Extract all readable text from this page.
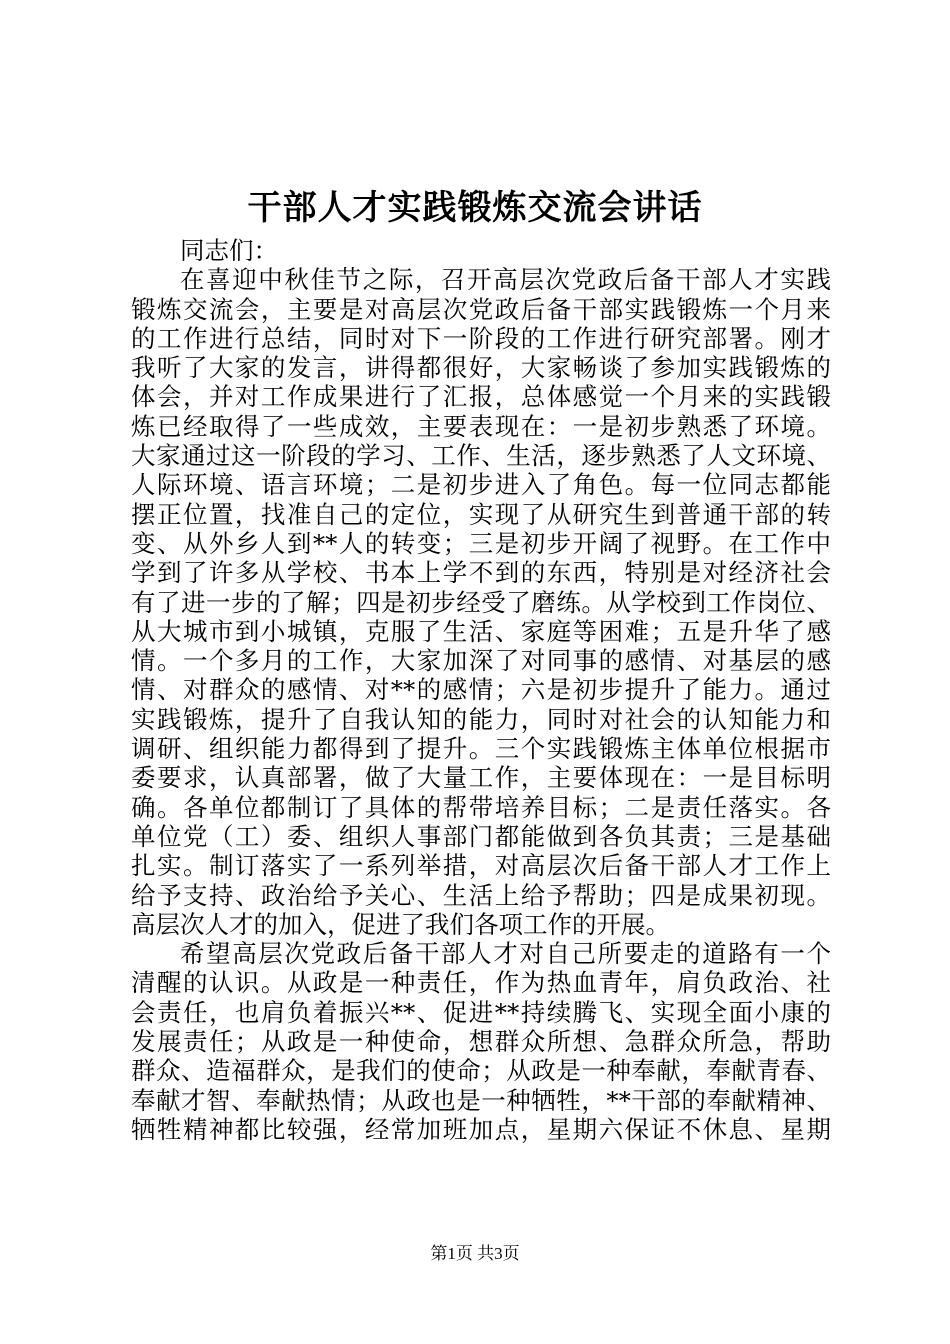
干部人才实践锻炼交流会讲话

同志们：

在喜迎中秋佳节之际，召开高层次党政后备干部人才实践

锻炼交流会，主要是对高层次党政后备干部实践锻炼一个月来

的工作进行总结，同时对下一阶段的工作进行研究部署。刚才

我听了大家的发言，讲得都很好，大家畅谈了参加实践锻炼的

体会，并对工作成果进行了汇报，总体感觉一个月来的实践锻

炼已经取得了一些成效，主要表现在：一是初步熟悉了环境。

大家通过这一阶段的学习、工作、生活，逐步熟悉了人文环境、

人际环境、语言环境；二是初步进入了角色。每一位同志都能

摆正位置，找准自己的定位，实现了从研究生到普通干部的转

变、从外乡人到**人的转变；三是初步开阔了视野。在工作中

学到了许多从学校、书本上学不到的东西，特别是对经济社会

有了进一步的了解；四是初步经受了磨练。从学校到工作岗位、

从大城市到小城镇，克服了生活、家庭等困难；五是升华了感

情。一个多月的工作，大家加深了对同事的感情、对基层的感

情、对群众的感情、对**的感情；六是初步提升了能力。通过

实践锻炼，提升了自我认知的能力，同时对社会的认知能力和

调研、组织能力都得到了提升。三个实践锻炼主体单位根据市

委要求，认真部署，做了大量工作，主要体现在：一是目标明

确。各单位都制订了具体的帮带培养目标；二是责任落实。各

单位党（工）委、组织人事部门都能做到各负其责；三是基础

扎实。制订落实了一系列举措，对高层次后备干部人才工作上

给予支持、政治给予关心、生活上给予帮助；四是成果初现。

高层次人才的加入，促进了我们各项工作的开展。

希望高层次党政后备干部人才对自己所要走的道路有一个

清醒的认识。从政是一种责任，作为热血青年，肩负政治、社

会责任，也肩负着振兴**、促进**持续腾飞、实现全面小康的

发展责任；从政是一种使命，想群众所想、急群众所急，帮助

群众、造福群众，是我们的使命；从政是一种奉献，奉献青春、

奉献才智、奉献热情；从政也是一种牺牲，**干部的奉献精神、

牺牲精神都比较强，经常加班加点，星期六保证不休息、星期

第1页 共3页
